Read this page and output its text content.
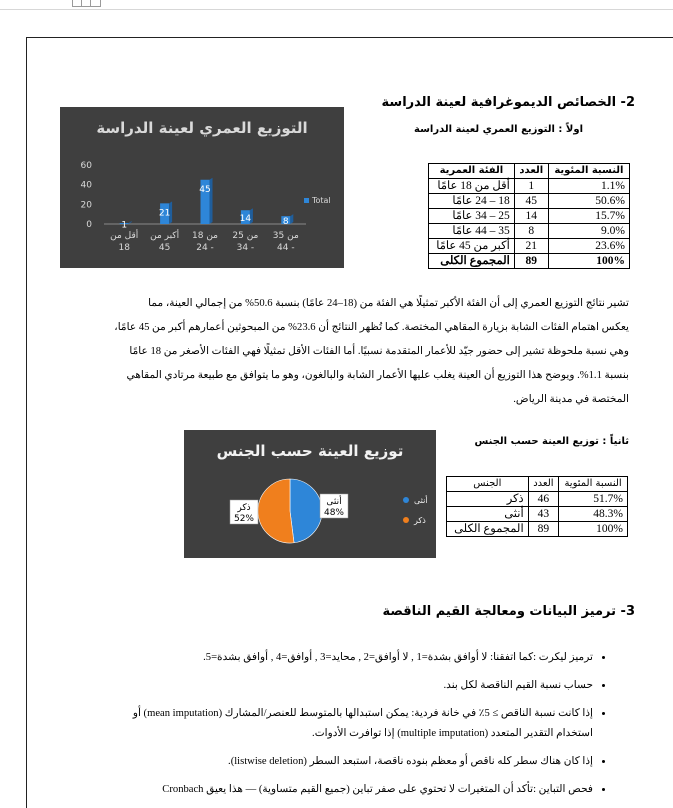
2- الخصائص الديموغرافية لعينة الدراسة
اولاً : التوزيع العمري لعينة الدراسة
التوزيع العمري لعينة الدراسة
0
20
40
60
1
أقل من 18
21
أكبر من 45
45
من 18 - 24
14
من 25 - 34
8
من 35 - 44
Total
النسبة المئوية	العدد	الفئة العمرية
1.1%	1	أقل من 18 عامًا
50.6%	45	18 – 24 عامًا
15.7%	14	25 – 34 عامًا
9.0%	8	35 – 44 عامًا
23.6%	21	أكبر من 45 عامًا
100%	89	المجموع الكلى
تشير نتائج التوزيع العمري إلى أن الفئة الأكبر تمثيلًا هي الفئة من (18–24 عامًا) بنسبة 50.6% من إجمالي العينة، مما
يعكس اهتمام الفئات الشابة بزيارة المقاهي المختصة. كما تُظهر النتائج أن 23.6% من المبحوثين أعمارهم أكبر من 45 عامًا،
وهي نسبة ملحوظة تشير إلى حضور جيّد للأعمار المتقدمة نسبيًا. أما الفئات الأقل تمثيلًا فهي الفئات الأصغر من 18 عامًا
بنسبة 1.1%. ويوضح هذا التوزيع أن العينة يغلب عليها الأعمار الشابة والبالغون، وهو ما يتوافق مع طبيعة مرتادي المقاهي
المختصة في مدينة الرياض.
ثانياً : توزيع العينة حسب الجنس
توزيع العينة حسب الجنس
أنثى 48%
ذكر 52%
أنثى
ذكر
النسبة المئوية	العدد	الجنس
51.7%	46	ذكر
48.3%	43	أنثى
100%	89	المجموع الكلى
3- ترميز البيانات ومعالجة القيم الناقصة
• ترميز ليكرت :كما اتفقنا: لا أوافق بشدة=1 , لا أوافق=2 , محايد=3 , أوافق=4 , أوافق بشدة=5.
• حساب نسبة القيم الناقصة لكل بند.
• إذا كانت نسبة الناقص ≥ 5٪ في خانة فردية: يمكن استبدالها بالمتوسط للعنصر/المشارك (mean imputation) أو
استخدام التقدير المتعدد (multiple imputation) إذا توافرت الأدوات.
• إذا كان هناك سطر كله ناقص أو معظم بنوده ناقصة، استبعد السطر (listwise deletion).
• فحص التباين :تأكد أن المتغيرات لا تحتوي على صفر تباين (جميع القيم متساوية) — هذا يعيق Cronbach
